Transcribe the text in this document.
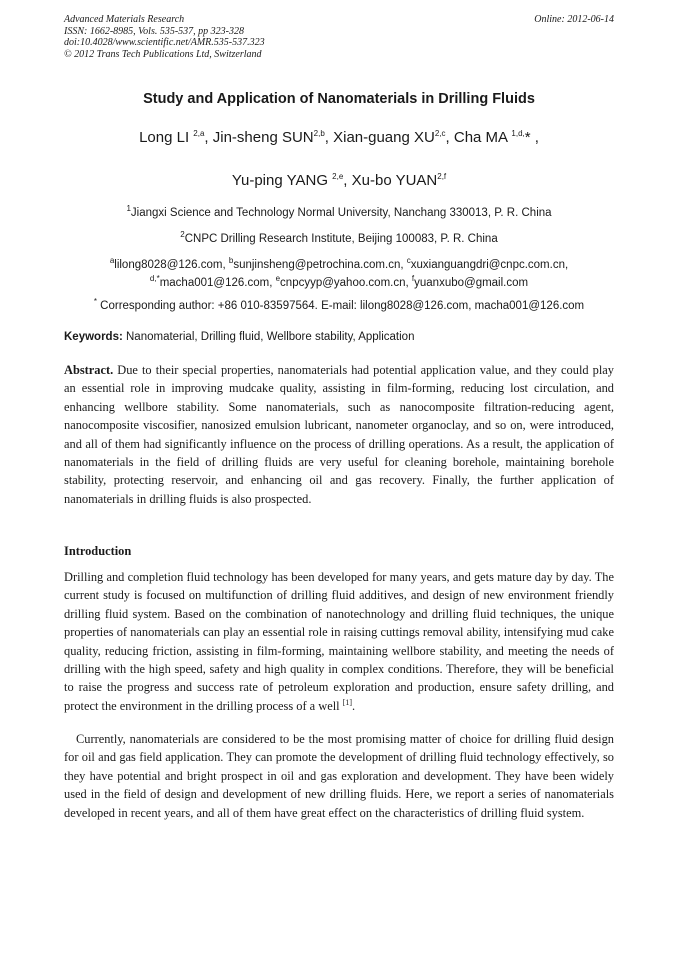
Advanced Materials Research
ISSN: 1662-8985, Vols. 535-537, pp 323-328
doi:10.4028/www.scientific.net/AMR.535-537.323
© 2012 Trans Tech Publications Ltd, Switzerland
Online: 2012-06-14
Study and Application of Nanomaterials in Drilling Fluids
Long LI $^{2,a}$, Jin-sheng SUN$^{2,b}$, Xian-guang XU$^{2,c}$, Cha MA $^{1,d,}$* ,
Yu-ping YANG $^{2,e}$, Xu-bo YUAN$^{2,f}$
$^1$Jiangxi Science and Technology Normal University, Nanchang 330013, P. R. China
$^2$CNPC Drilling Research Institute, Beijing 100083, P. R. China
$^a$lilong8028@126.com, $^b$sunjinsheng@petrochina.com.cn, $^c$xuxianguangdri@cnpc.com.cn,
$^{d,*}$macha001@126.com, $^e$cnpcyyp@yahoo.com.cn, $^f$yuanxubo@gmail.com
* Corresponding author: +86 010-83597564. E-mail: lilong8028@126.com, macha001@126.com
Keywords: Nanomaterial, Drilling fluid, Wellbore stability, Application
Abstract. Due to their special properties, nanomaterials had potential application value, and they could play an essential role in improving mudcake quality, assisting in film-forming, reducing lost circulation, and enhancing wellbore stability. Some nanomaterials, such as nanocomposite filtration-reducing agent, nanocomposite viscosifier, nanosized emulsion lubricant, nanometer organoclay, and so on, were introduced, and all of them had significantly influence on the process of drilling operations. As a result, the application of nanomaterials in the field of drilling fluids are very useful for cleaning borehole, maintaining borehole stability, protecting reservoir, and enhancing oil and gas recovery. Finally, the further application of nanomaterials in drilling fluids is also prospected.
Introduction
Drilling and completion fluid technology has been developed for many years, and gets mature day by day. The current study is focused on multifunction of drilling fluid additives, and design of new environment friendly drilling fluid system. Based on the combination of nanotechnology and drilling fluid techniques, the unique properties of nanomaterials can play an essential role in raising cuttings removal ability, intensifying mud cake quality, reducing friction, assisting in film-forming, maintaining wellbore stability, and meeting the needs of drilling with the high speed, safety and high quality in complex conditions. Therefore, they will be beneficial to raise the progress and success rate of petroleum exploration and production, ensure safety drilling, and protect the environment in the drilling process of a well [1].
Currently, nanomaterials are considered to be the most promising matter of choice for drilling fluid design for oil and gas field application. They can promote the development of drilling fluid technology effectively, so they have potential and bright prospect in oil and gas exploration and development. They have been widely used in the field of design and development of new drilling fluids. Here, we report a series of nanomaterials developed in recent years, and all of them have great effect on the characteristics of drilling fluid system.
